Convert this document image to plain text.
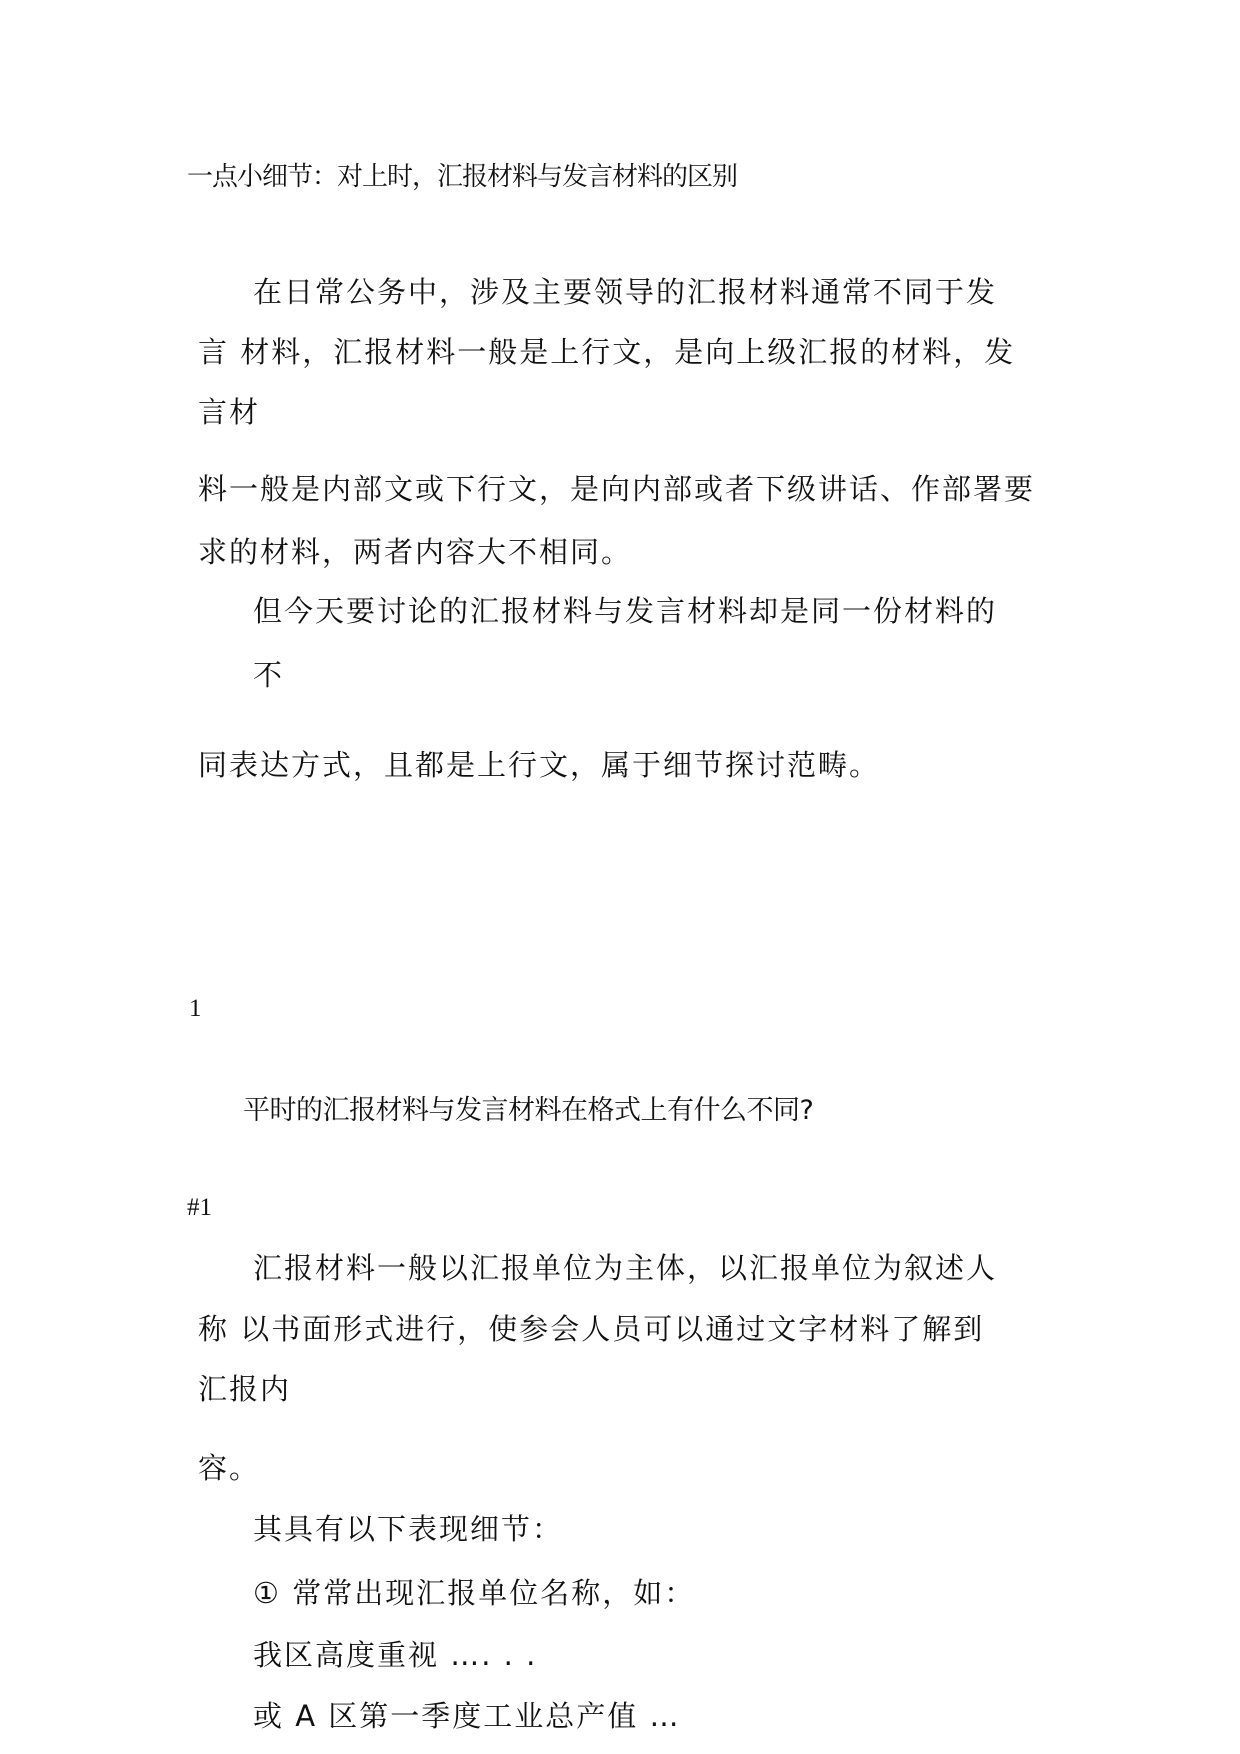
一点小细节：对上时，汇报材料与发言材料的区别

在日常公务中，涉及主要领导的汇报材料通常不同于发

言 材料，汇报材料一般是上行文，是向上级汇报的材料，发

言材

料一般是内部文或下行文，是向内部或者下级讲话、作部署要

求的材料，两者内容大不相同。

但今天要讨论的汇报材料与发言材料却是同一份材料的

不

同表达方式，且都是上行文，属于细节探讨范畴。

1

平时的汇报材料与发言材料在格式上有什么不同?

#1

汇报材料一般以汇报单位为主体，以汇报单位为叙述人

称 以书面形式进行，使参会人员可以通过文字材料了解到

汇报内

容。

其具有以下表现细节：

① 常常出现汇报单位名称，如：

我区高度重视 …. . .

或 A 区第一季度工业总产值 …
